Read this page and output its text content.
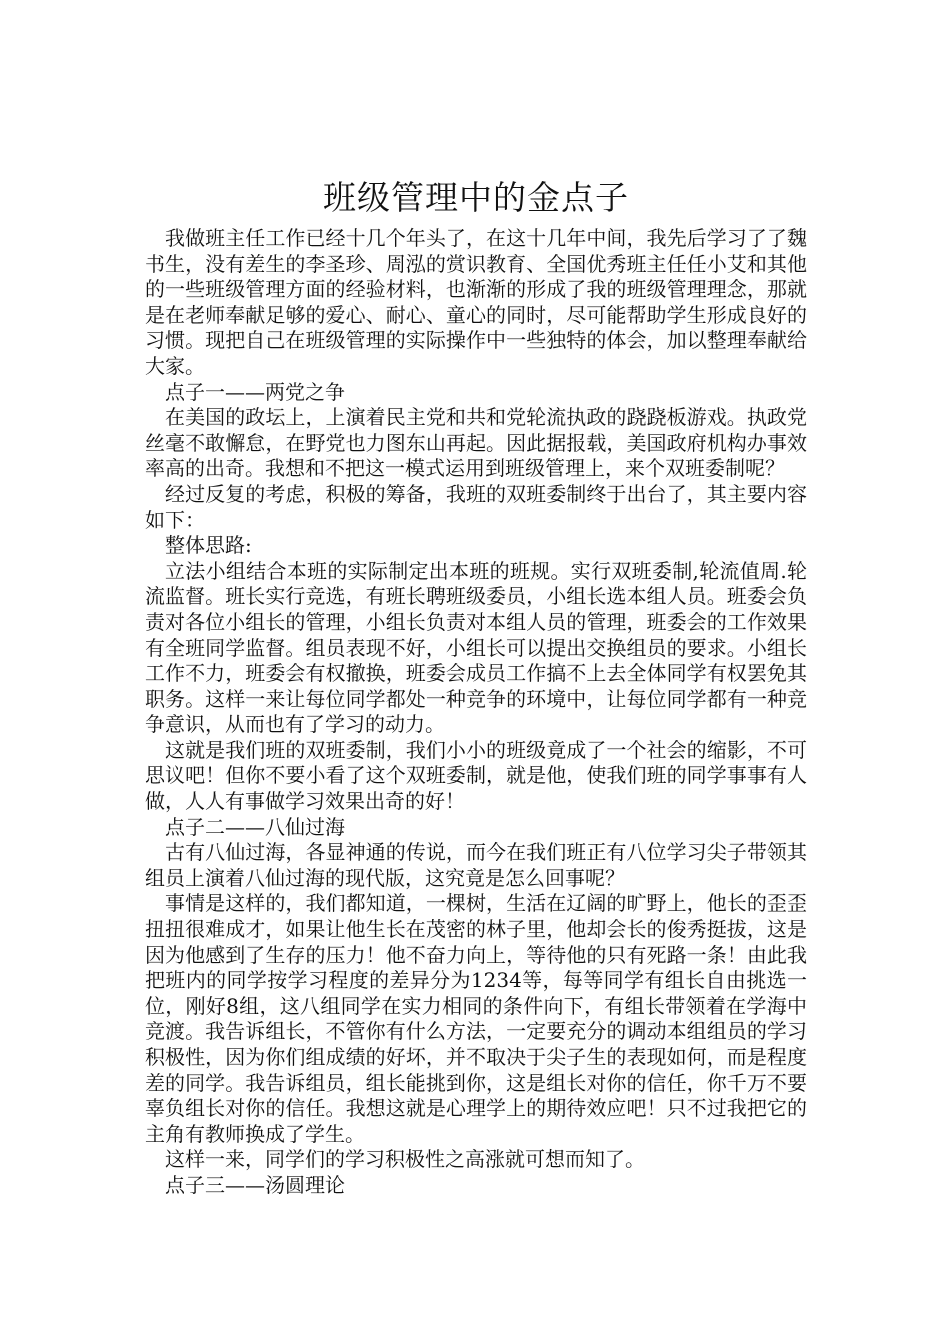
班级管理中的金点子

我做班主任工作已经十几个年头了，在这十几年中间，我先后学习了了魏书生，没有差生的李圣珍、周泓的赏识教育、全国优秀班主任任小艾和其他的一些班级管理方面的经验材料，也渐渐的形成了我的班级管理理念，那就是在老师奉献足够的爱心、耐心、童心的同时，尽可能帮助学生形成良好的习惯。现把自己在班级管理的实际操作中一些独特的体会，加以整理奉献给大家。

点子一——两党之争

在美国的政坛上，上演着民主党和共和党轮流执政的跷跷板游戏。执政党丝毫不敢懈怠，在野党也力图东山再起。因此据报载，美国政府机构办事效率高的出奇。我想和不把这一模式运用到班级管理上，来个双班委制呢？

经过反复的考虑，积极的筹备，我班的双班委制终于出台了，其主要内容如下：

整体思路:

立法小组结合本班的实际制定出本班的班规。实行双班委制,轮流值周.轮流监督。班长实行竞选，有班长聘班级委员，小组长选本组人员。班委会负责对各位小组长的管理，小组长负责对本组人员的管理，班委会的工作效果有全班同学监督。组员表现不好，小组长可以提出交换组员的要求。小组长工作不力，班委会有权撤换，班委会成员工作搞不上去全体同学有权罢免其职务。这样一来让每位同学都处一种竞争的环境中，让每位同学都有一种竞争意识，从而也有了学习的动力。

这就是我们班的双班委制，我们小小的班级竟成了一个社会的缩影，不可思议吧！但你不要小看了这个双班委制，就是他，使我们班的同学事事有人做，人人有事做学习效果出奇的好！

点子二——八仙过海

古有八仙过海，各显神通的传说，而今在我们班正有八位学习尖子带领其组员上演着八仙过海的现代版，这究竟是怎么回事呢？

事情是这样的，我们都知道，一棵树，生活在辽阔的旷野上，他长的歪歪扭扭很难成才，如果让他生长在茂密的林子里，他却会长的俊秀挺拔，这是因为他感到了生存的压力！他不奋力向上，等待他的只有死路一条！由此我把班内的同学按学习程度的差异分为1234等，每等同学有组长自由挑选一位，刚好8组，这八组同学在实力相同的条件向下，有组长带领着在学海中竞渡。我告诉组长，不管你有什么方法，一定要充分的调动本组组员的学习积极性，因为你们组成绩的好坏，并不取决于尖子生的表现如何，而是程度差的同学。我告诉组员，组长能挑到你，这是组长对你的信任，你千万不要辜负组长对你的信任。我想这就是心理学上的期待效应吧！只不过我把它的主角有教师换成了学生。

这样一来，同学们的学习积极性之高涨就可想而知了。

点子三——汤圆理论
